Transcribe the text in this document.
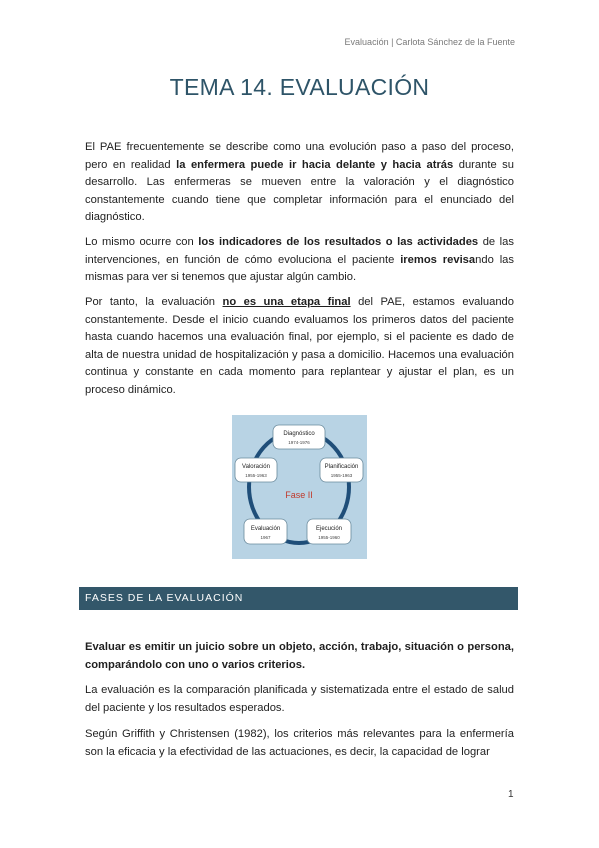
Evaluación | Carlota Sánchez de la Fuente
TEMA 14. EVALUACIÓN

El PAE frecuentemente se describe como una evolución paso a paso del proceso, pero en realidad la enfermera puede ir hacia delante y hacia atrás durante su desarrollo. Las enfermeras se mueven entre la valoración y el diagnóstico constantemente cuando tiene que completar información para el enunciado del diagnóstico.

Lo mismo ocurre con los indicadores de los resultados o las actividades de las intervenciones, en función de cómo evoluciona el paciente iremos revisando las mismas para ver si tenemos que ajustar algún cambio.

Por tanto, la evaluación no es una etapa final del PAE, estamos evaluando constantemente. Desde el inicio cuando evaluamos los primeros datos del paciente hasta cuando hacemos una evaluación final, por ejemplo, si el paciente es dado de alta de nuestra unidad de hospitalización y pasa a domicilio. Hacemos una evaluación continua y constante en cada momento para replantear y ajustar el plan, es un proceso dinámico.

Fase II
Diagnóstico
1974-1976
Planificación
1955-1963
Ejecución
1955-1960
Evaluación
1967
Valoración
1955-1963
FASES DE LA EVALUACIÓN

Evaluar es emitir un juicio sobre un objeto, acción, trabajo, situación o persona, comparándolo con uno o varios criterios.

La evaluación es la comparación planificada y sistematizada entre el estado de salud del paciente y los resultados esperados.

Según Griffith y Christensen (1982), los criterios más relevantes para la enfermería son la eficacia y la efectividad de las actuaciones, es decir, la capacidad de lograr

1
